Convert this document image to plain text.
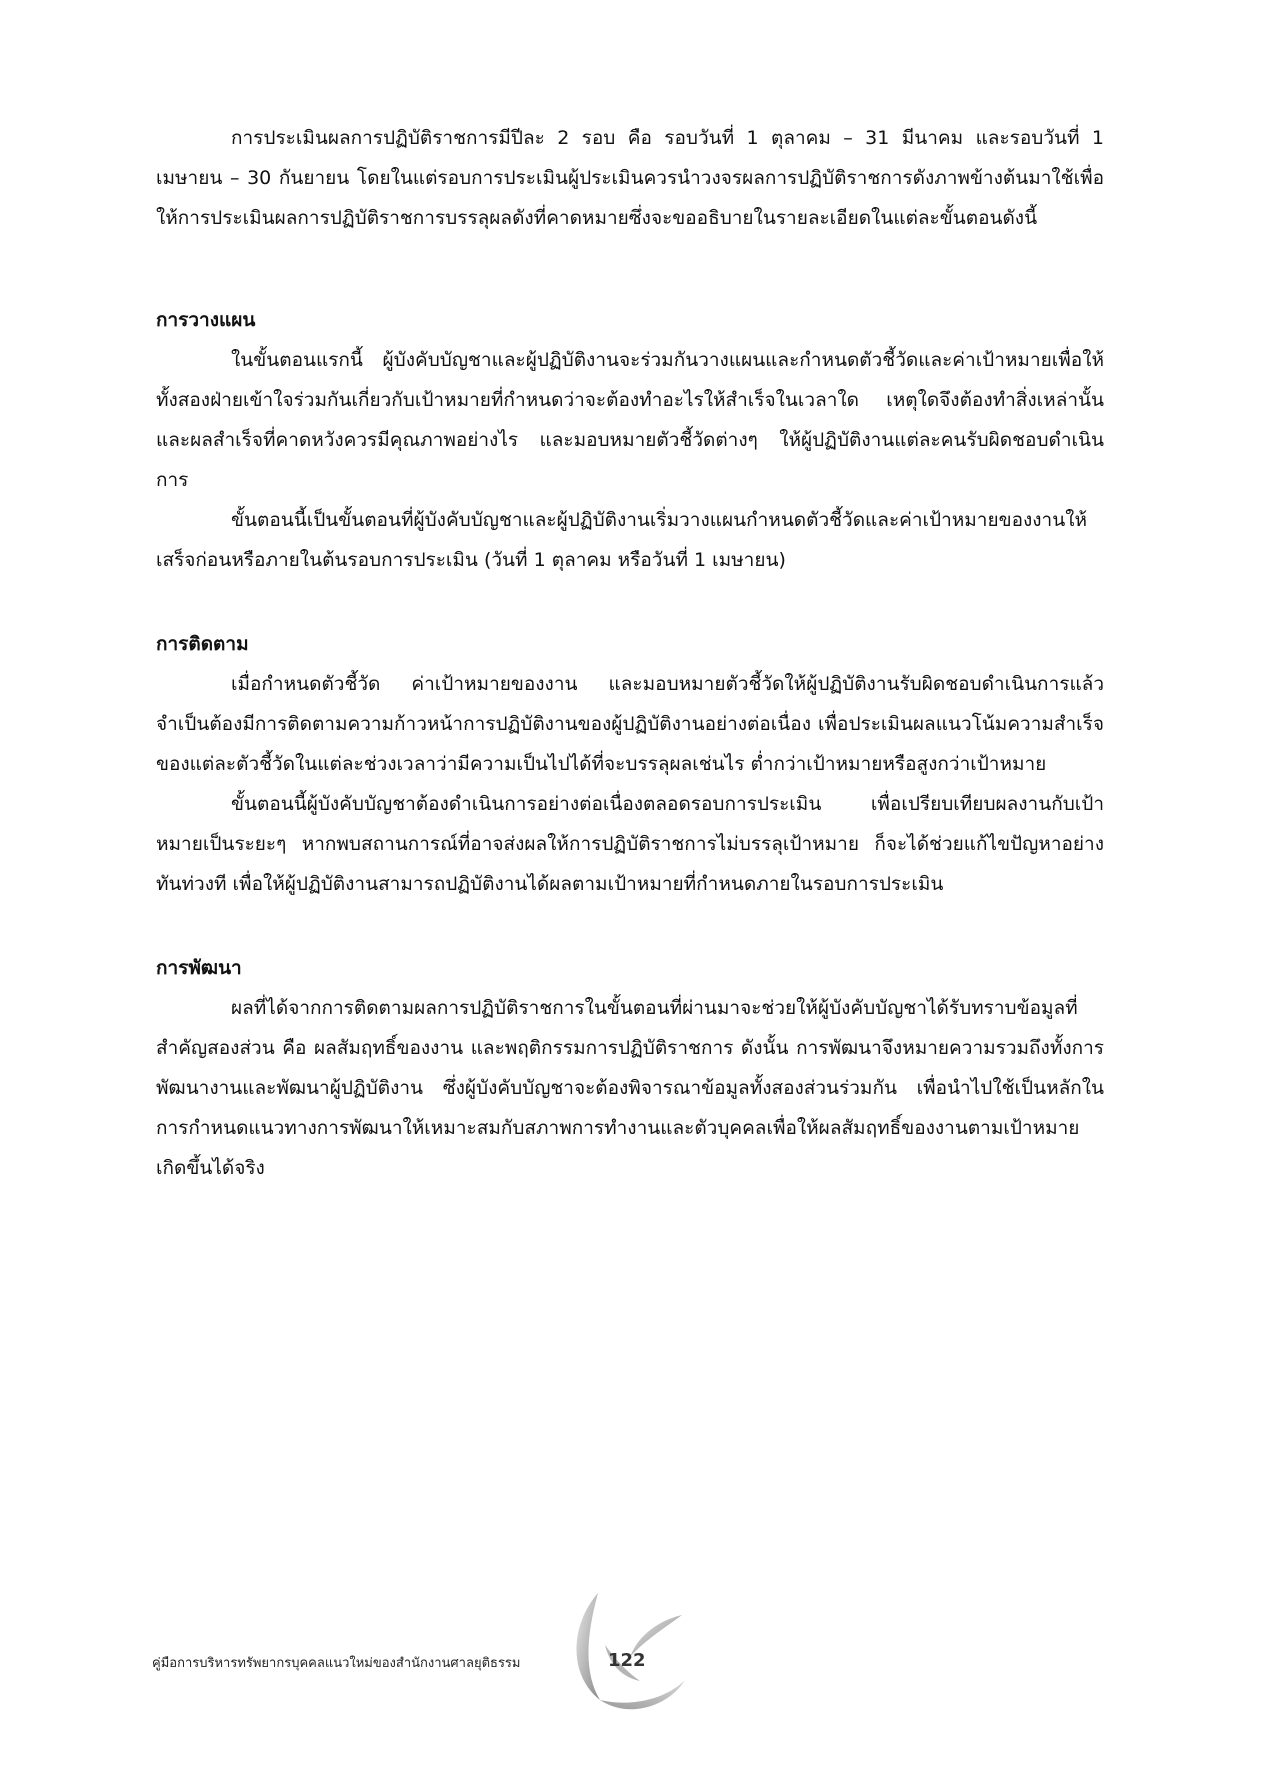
การประเมินผลการปฏิบัติราชการมีปีละ 2 รอบ คือ รอบวันที่ 1 ตุลาคม – 31 มีนาคม และรอบวันที่ 1 เมษายน – 30 กันยายน โดยในแต่รอบการประเมินผู้ประเมินควรนำวงจรผลการปฏิบัติราชการดังภาพข้างต้นมาใช้เพื่อให้การประเมินผลการปฏิบัติราชการบรรลุผลดังที่คาดหมายซึ่งจะขออธิบายในรายละเอียดในแต่ละขั้นตอนดังนี้

การวางแผน

ในขั้นตอนแรกนี้ ผู้บังคับบัญชาและผู้ปฏิบัติงานจะร่วมกันวางแผนและกำหนดตัวชี้วัดและค่าเป้าหมายเพื่อให้ทั้งสองฝ่ายเข้าใจร่วมกันเกี่ยวกับเป้าหมายที่กำหนดว่าจะต้องทำอะไรให้สำเร็จในเวลาใด เหตุใดจึงต้องทำสิ่งเหล่านั้น และผลสำเร็จที่คาดหวังควรมีคุณภาพอย่างไร และมอบหมายตัวชี้วัดต่างๆ ให้ผู้ปฏิบัติงานแต่ละคนรับผิดชอบดำเนินการ

ขั้นตอนนี้เป็นขั้นตอนที่ผู้บังคับบัญชาและผู้ปฏิบัติงานเริ่มวางแผนกำหนดตัวชี้วัดและค่าเป้าหมายของงานให้เสร็จก่อนหรือภายในต้นรอบการประเมิน (วันที่ 1 ตุลาคม หรือวันที่ 1 เมษายน)

การติดตาม

เมื่อกำหนดตัวชี้วัด ค่าเป้าหมายของงาน และมอบหมายตัวชี้วัดให้ผู้ปฏิบัติงานรับผิดชอบดำเนินการแล้ว จำเป็นต้องมีการติดตามความก้าวหน้าการปฏิบัติงานของผู้ปฏิบัติงานอย่างต่อเนื่อง เพื่อประเมินผลแนวโน้มความสำเร็จของแต่ละตัวชี้วัดในแต่ละช่วงเวลาว่ามีความเป็นไปได้ที่จะบรรลุผลเช่นไร ต่ำกว่าเป้าหมายหรือสูงกว่าเป้าหมาย

ขั้นตอนนี้ผู้บังคับบัญชาต้องดำเนินการอย่างต่อเนื่องตลอดรอบการประเมิน เพื่อเปรียบเทียบผลงานกับเป้าหมายเป็นระยะๆ หากพบสถานการณ์ที่อาจส่งผลให้การปฏิบัติราชการไม่บรรลุเป้าหมาย ก็จะได้ช่วยแก้ไขปัญหาอย่างทันท่วงที เพื่อให้ผู้ปฏิบัติงานสามารถปฏิบัติงานได้ผลตามเป้าหมายที่กำหนดภายในรอบการประเมิน

การพัฒนา

ผลที่ได้จากการติดตามผลการปฏิบัติราชการในขั้นตอนที่ผ่านมาจะช่วยให้ผู้บังคับบัญชาได้รับทราบข้อมูลที่สำคัญสองส่วน คือ ผลสัมฤทธิ์ของงาน และพฤติกรรมการปฏิบัติราชการ ดังนั้น การพัฒนาจึงหมายความรวมถึงทั้งการพัฒนางานและพัฒนาผู้ปฏิบัติงาน ซึ่งผู้บังคับบัญชาจะต้องพิจารณาข้อมูลทั้งสองส่วนร่วมกัน เพื่อนำไปใช้เป็นหลักในการกำหนดแนวทางการพัฒนาให้เหมาะสมกับสภาพการทำงานและตัวบุคคลเพื่อให้ผลสัมฤทธิ์ของงานตามเป้าหมายเกิดขึ้นได้จริง

คู่มือการบริหารทรัพยากรบุคคลแนวใหม่ของสำนักงานศาลยุติธรรม	122
